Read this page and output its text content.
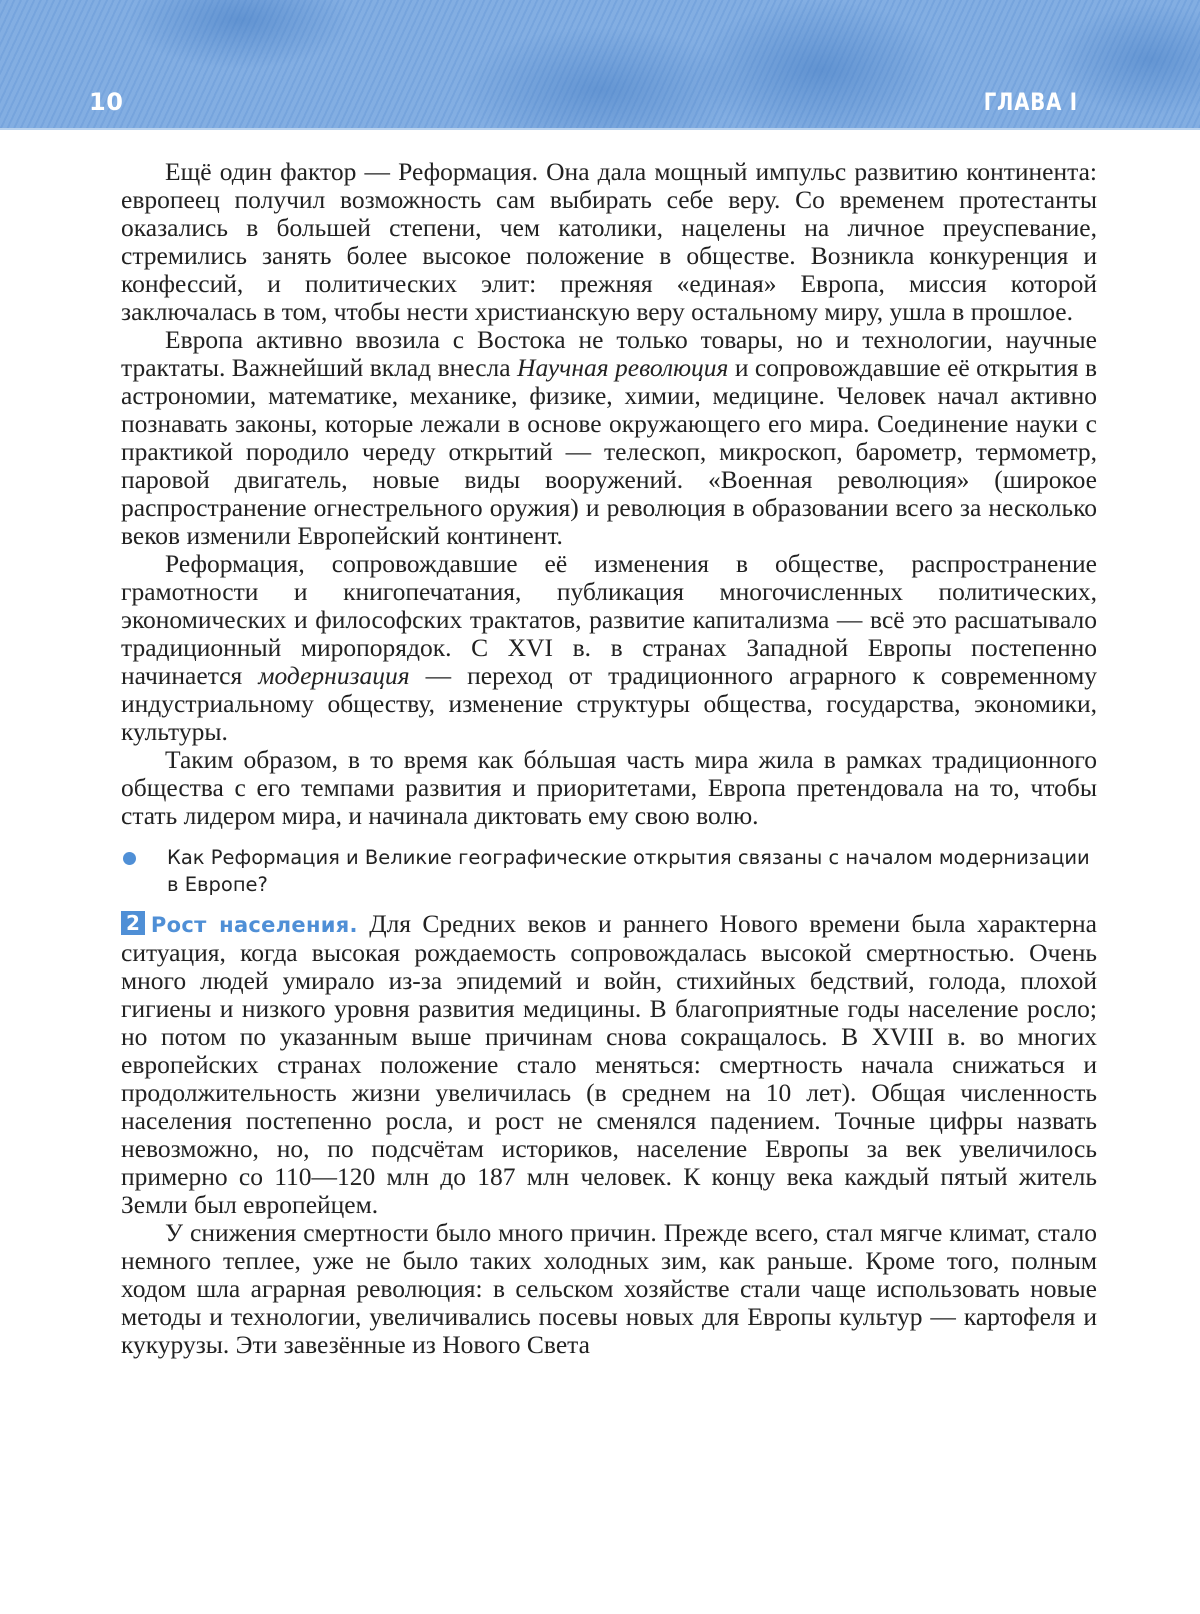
10	ГЛАВА I

Ещё один фактор — Реформация. Она дала мощный импульс развитию континента: европеец получил возможность сам выбирать себе веру. Со временем протестанты оказались в большей степени, чем католики, нацелены на личное преуспевание, стремились занять более высокое положение в обществе. Возникла конкуренция и конфессий, и политических элит: прежняя «единая» Европа, миссия которой заключалась в том, чтобы нести христианскую веру остальному миру, ушла в прошлое.

Европа активно ввозила с Востока не только товары, но и технологии, научные трактаты. Важнейший вклад внесла Научная революция и сопровождавшие её открытия в астрономии, математике, механике, физике, химии, медицине. Человек начал активно познавать законы, которые лежали в основе окружающего его мира. Соединение науки с практикой породило череду открытий — телескоп, микроскоп, барометр, термометр, паровой двигатель, новые виды вооружений. «Военная революция» (широкое распространение огнестрельного оружия) и революция в образовании всего за несколько веков изменили Европейский континент.

Реформация, сопровождавшие её изменения в обществе, распространение грамотности и книгопечатания, публикация многочисленных политических, экономических и философских трактатов, развитие капитализма — всё это расшатывало традиционный миропорядок. С XVI в. в странах Западной Европы постепенно начинается модернизация — переход от традиционного аграрного к современному индустриальному обществу, изменение структуры общества, государства, экономики, культуры.

Таким образом, в то время как бóльшая часть мира жила в рамках традиционного общества с его темпами развития и приоритетами, Европа претендовала на то, чтобы стать лидером мира, и начинала диктовать ему свою волю.

Как Реформация и Великие географические открытия связаны с началом модернизации в Европе?

2 Рост населения. Для Средних веков и раннего Нового времени была характерна ситуация, когда высокая рождаемость сопровождалась высокой смертностью. Очень много людей умирало из-за эпидемий и войн, стихийных бедствий, голода, плохой гигиены и низкого уровня развития медицины. В благоприятные годы население росло; но потом по указанным выше причинам снова сокращалось. В XVIII в. во многих европейских странах положение стало меняться: смертность начала снижаться и продолжительность жизни увеличилась (в среднем на 10 лет). Общая численность населения постепенно росла, и рост не сменялся падением. Точные цифры назвать невозможно, но, по подсчётам историков, население Европы за век увеличилось примерно со 110—120 млн до 187 млн человек. К концу века каждый пятый житель Земли был европейцем.

У снижения смертности было много причин. Прежде всего, стал мягче климат, стало немного теплее, уже не было таких холодных зим, как раньше. Кроме того, полным ходом шла аграрная революция: в сельском хозяйстве стали чаще использовать новые методы и технологии, увеличивались посевы новых для Европы культур — картофеля и кукурузы. Эти завезённые из Нового Света
